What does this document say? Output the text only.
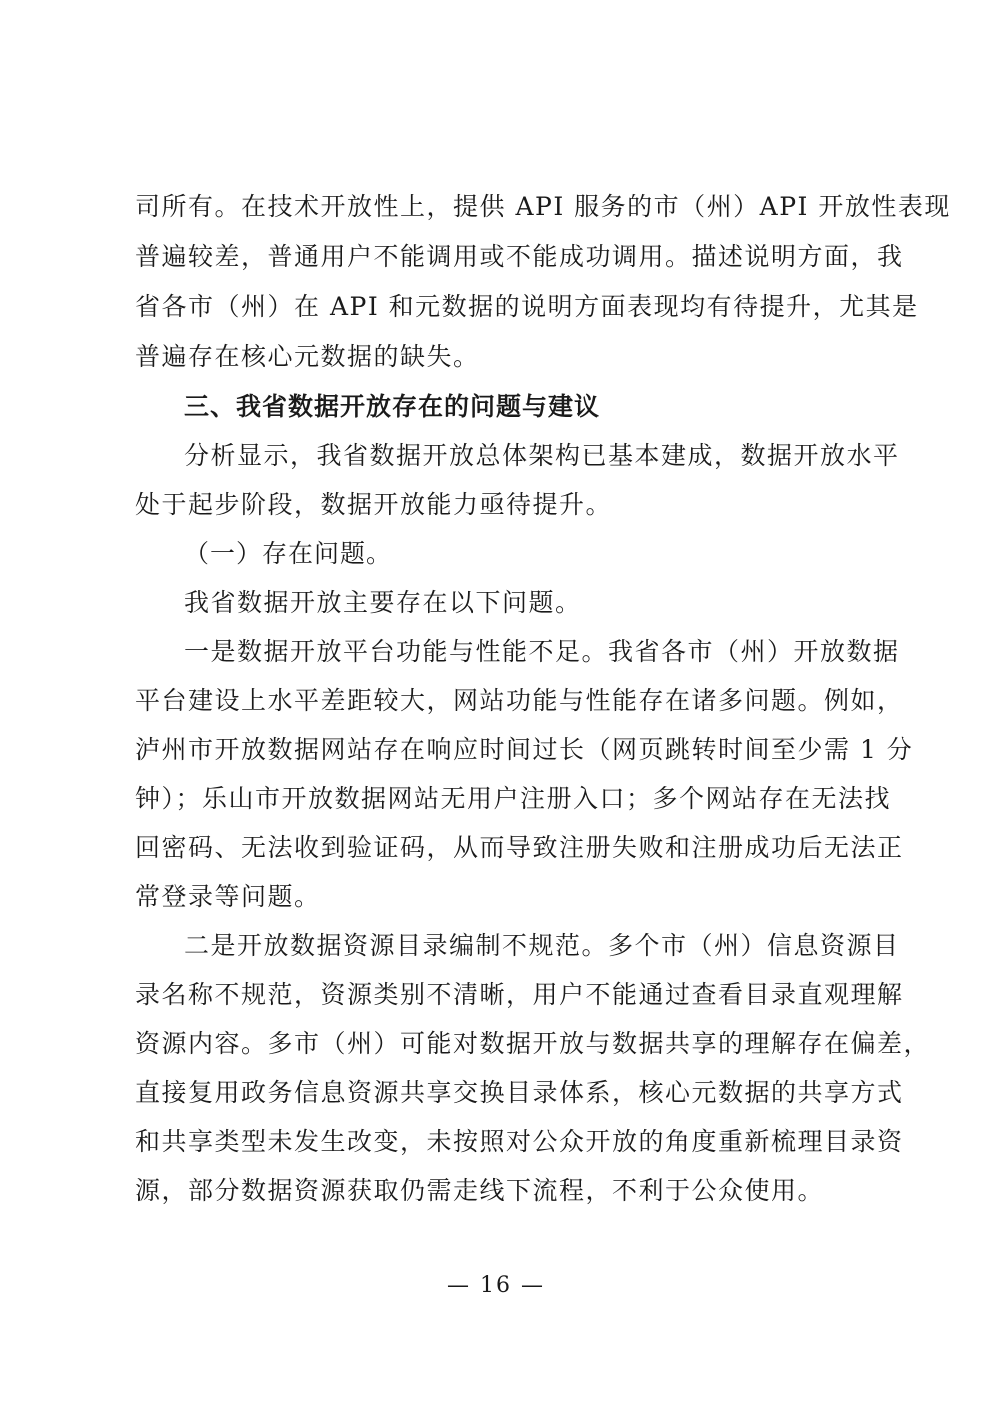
司所有。在技术开放性上，提供 API 服务的市（州）API 开放性表现
普遍较差，普通用户不能调用或不能成功调用。描述说明方面，我
省各市（州）在 API 和元数据的说明方面表现均有待提升，尤其是
普遍存在核心元数据的缺失。
三、我省数据开放存在的问题与建议
分析显示，我省数据开放总体架构已基本建成，数据开放水平
处于起步阶段，数据开放能力亟待提升。
（一）存在问题。
我省数据开放主要存在以下问题。
一是数据开放平台功能与性能不足。我省各市（州）开放数据
平台建设上水平差距较大，网站功能与性能存在诸多问题。例如，
泸州市开放数据网站存在响应时间过长（网页跳转时间至少需 1 分
钟）；乐山市开放数据网站无用户注册入口；多个网站存在无法找
回密码、无法收到验证码，从而导致注册失败和注册成功后无法正
常登录等问题。
二是开放数据资源目录编制不规范。多个市（州）信息资源目
录名称不规范，资源类别不清晰，用户不能通过查看目录直观理解
资源内容。多市（州）可能对数据开放与数据共享的理解存在偏差，
直接复用政务信息资源共享交换目录体系，核心元数据的共享方式
和共享类型未发生改变，未按照对公众开放的角度重新梳理目录资
源，部分数据资源获取仍需走线下流程，不利于公众使用。
— 16 —
